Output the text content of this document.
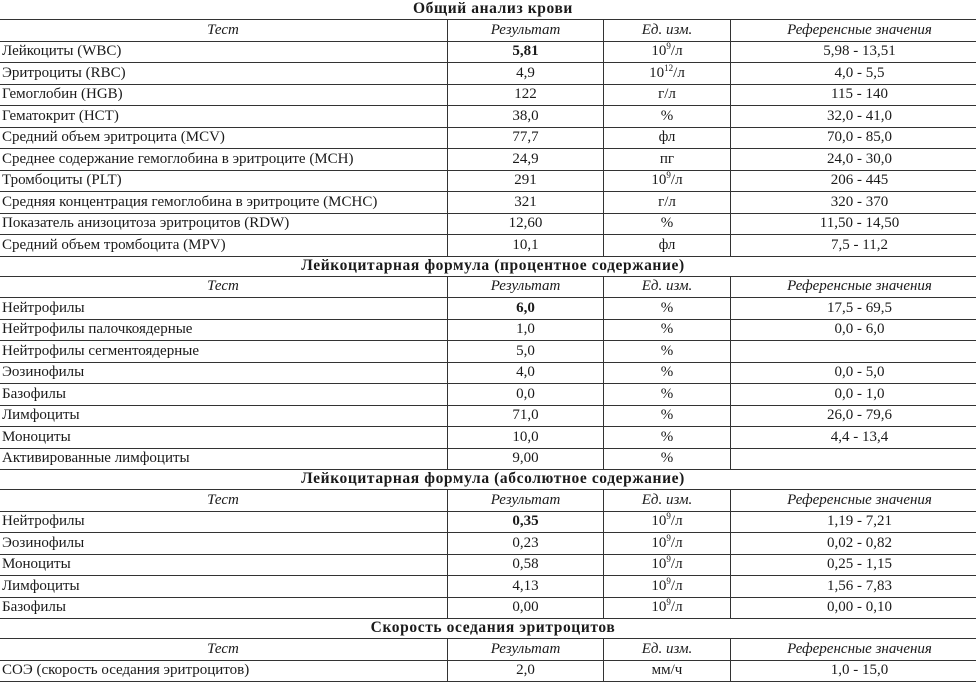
Общий анализ крови
Тест	Результат	Ед. изм.	Референсные значения
Лейкоциты (WBC)	5,81	$10^9/л$	5,98 - 13,51
Эритроциты (RBC)	4,9	$10^{12}/л$	4,0 - 5,5
Гемоглобин (HGB)	122	г/л	115 - 140
Гематокрит (HCT)	38,0	%	32,0 - 41,0
Средний объем эритроцита (MCV)	77,7	фл	70,0 - 85,0
Среднее содержание гемоглобина в эритроците (MCH)	24,9	пг	24,0 - 30,0
Тромбоциты (PLT)	291	$10^9/л$	206 - 445
Средняя концентрация гемоглобина в эритроците (MCHC)	321	г/л	320 - 370
Показатель анизоцитоза эритроцитов (RDW)	12,60	%	11,50 - 14,50
Средний объем тромбоцита (MPV)	10,1	фл	7,5 - 11,2
Лейкоцитарная формула (процентное содержание)
Тест	Результат	Ед. изм.	Референсные значения
Нейтрофилы	6,0	%	17,5 - 69,5
Нейтрофилы палочкоядерные	1,0	%	0,0 - 6,0
Нейтрофилы сегментоядерные	5,0	%	
Эозинофилы	4,0	%	0,0 - 5,0
Базофилы	0,0	%	0,0 - 1,0
Лимфоциты	71,0	%	26,0 - 79,6
Моноциты	10,0	%	4,4 - 13,4
Активированные лимфоциты	9,00	%	
Лейкоцитарная формула (абсолютное содержание)
Тест	Результат	Ед. изм.	Референсные значения
Нейтрофилы	0,35	$10^9/л$	1,19 - 7,21
Эозинофилы	0,23	$10^9/л$	0,02 - 0,82
Моноциты	0,58	$10^9/л$	0,25 - 1,15
Лимфоциты	4,13	$10^9/л$	1,56 - 7,83
Базофилы	0,00	$10^9/л$	0,00 - 0,10
Скорость оседания эритроцитов
Тест	Результат	Ед. изм.	Референсные значения
СОЭ (скорость оседания эритроцитов)	2,0	мм/ч	1,0 - 15,0
